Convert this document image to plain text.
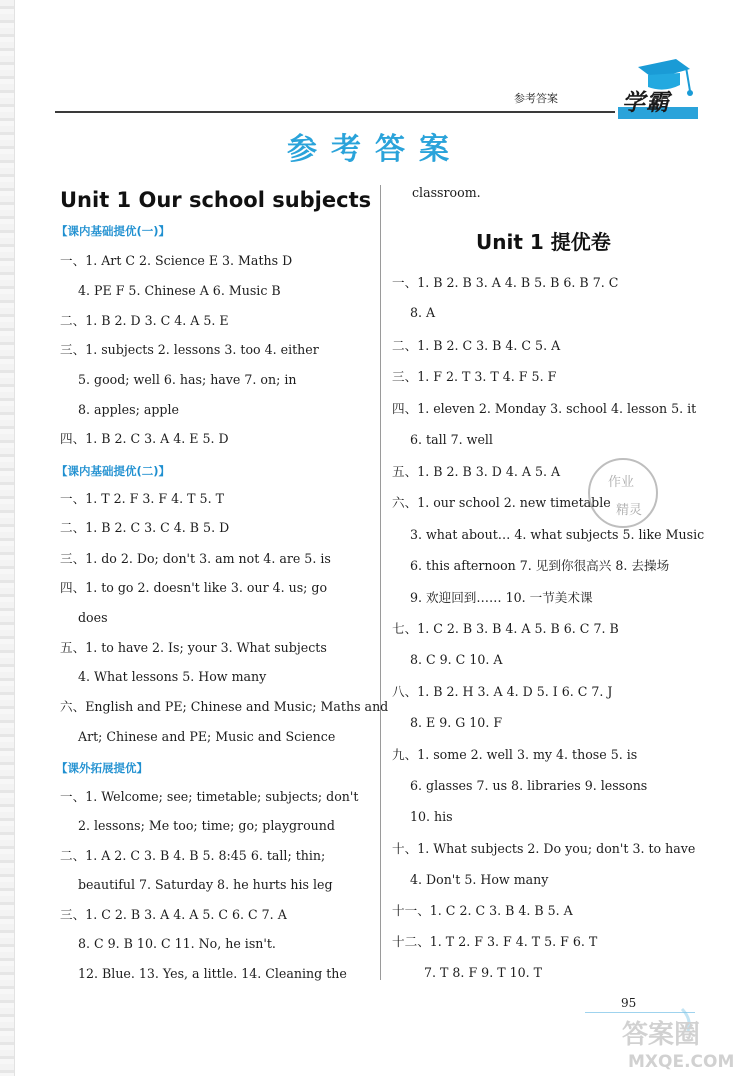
参考答案	学霸
参考答案
Unit 1 Our school subjects
【课内基础提优(一)】
【课内基础提优(二)】
【课外拓展提优】
一、1. Art C 2. Science E 3. Maths D
4. PE F 5. Chinese A 6. Music B
二、1. B 2. D 3. C 4. A 5. E
三、1. subjects 2. lessons 3. too 4. either
5. good; well 6. has; have 7. on; in
8. apples; apple
四、1. B 2. C 3. A 4. E 5. D
一、1. T 2. F 3. F 4. T 5. T
二、1. B 2. C 3. C 4. B 5. D
三、1. do 2. Do; don't 3. am not 4. are 5. is
四、1. to go 2. doesn't like 3. our 4. us; go
does
五、1. to have 2. Is; your 3. What subjects
4. What lessons 5. How many
六、English and PE; Chinese and Music; Maths and
Art; Chinese and PE; Music and Science
一、1. Welcome; see; timetable; subjects; don't
2. lessons; Me too; time; go; playground
二、1. A 2. C 3. B 4. B 5. 8:45 6. tall; thin;
beautiful 7. Saturday 8. he hurts his leg
三、1. C 2. B 3. A 4. A 5. C 6. C 7. A
8. C 9. B 10. C 11. No, he isn't.
12. Blue. 13. Yes, a little. 14. Cleaning the
classroom.
Unit 1 提优卷
一、1. B 2. B 3. A 4. B 5. B 6. B 7. C
8. A
二、1. B 2. C 3. B 4. C 5. A
三、1. F 2. T 3. T 4. F 5. F
四、1. eleven 2. Monday 3. school 4. lesson 5. it
6. tall 7. well
五、1. B 2. B 3. D 4. A 5. A
六、1. our school 2. new timetable
3. what about… 4. what subjects 5. like Music
6. this afternoon 7. 见到你很高兴 8. 去操场
9. 欢迎回到…… 10. 一节美术课
七、1. C 2. B 3. B 4. A 5. B 6. C 7. B
8. C 9. C 10. A
八、1. B 2. H 3. A 4. D 5. I 6. C 7. J
8. E 9. G 10. F
九、1. some 2. well 3. my 4. those 5. is
6. glasses 7. us 8. libraries 9. lessons
10. his
十、1. What subjects 2. Do you; don't 3. to have
4. Don't 5. How many
十一、1. C 2. C 3. B 4. B 5. A
十二、1. T 2. F 3. F 4. T 5. F 6. T
7. T 8. F 9. T 10. T
作业
精灵
95
答案圈
MXQE.COM
